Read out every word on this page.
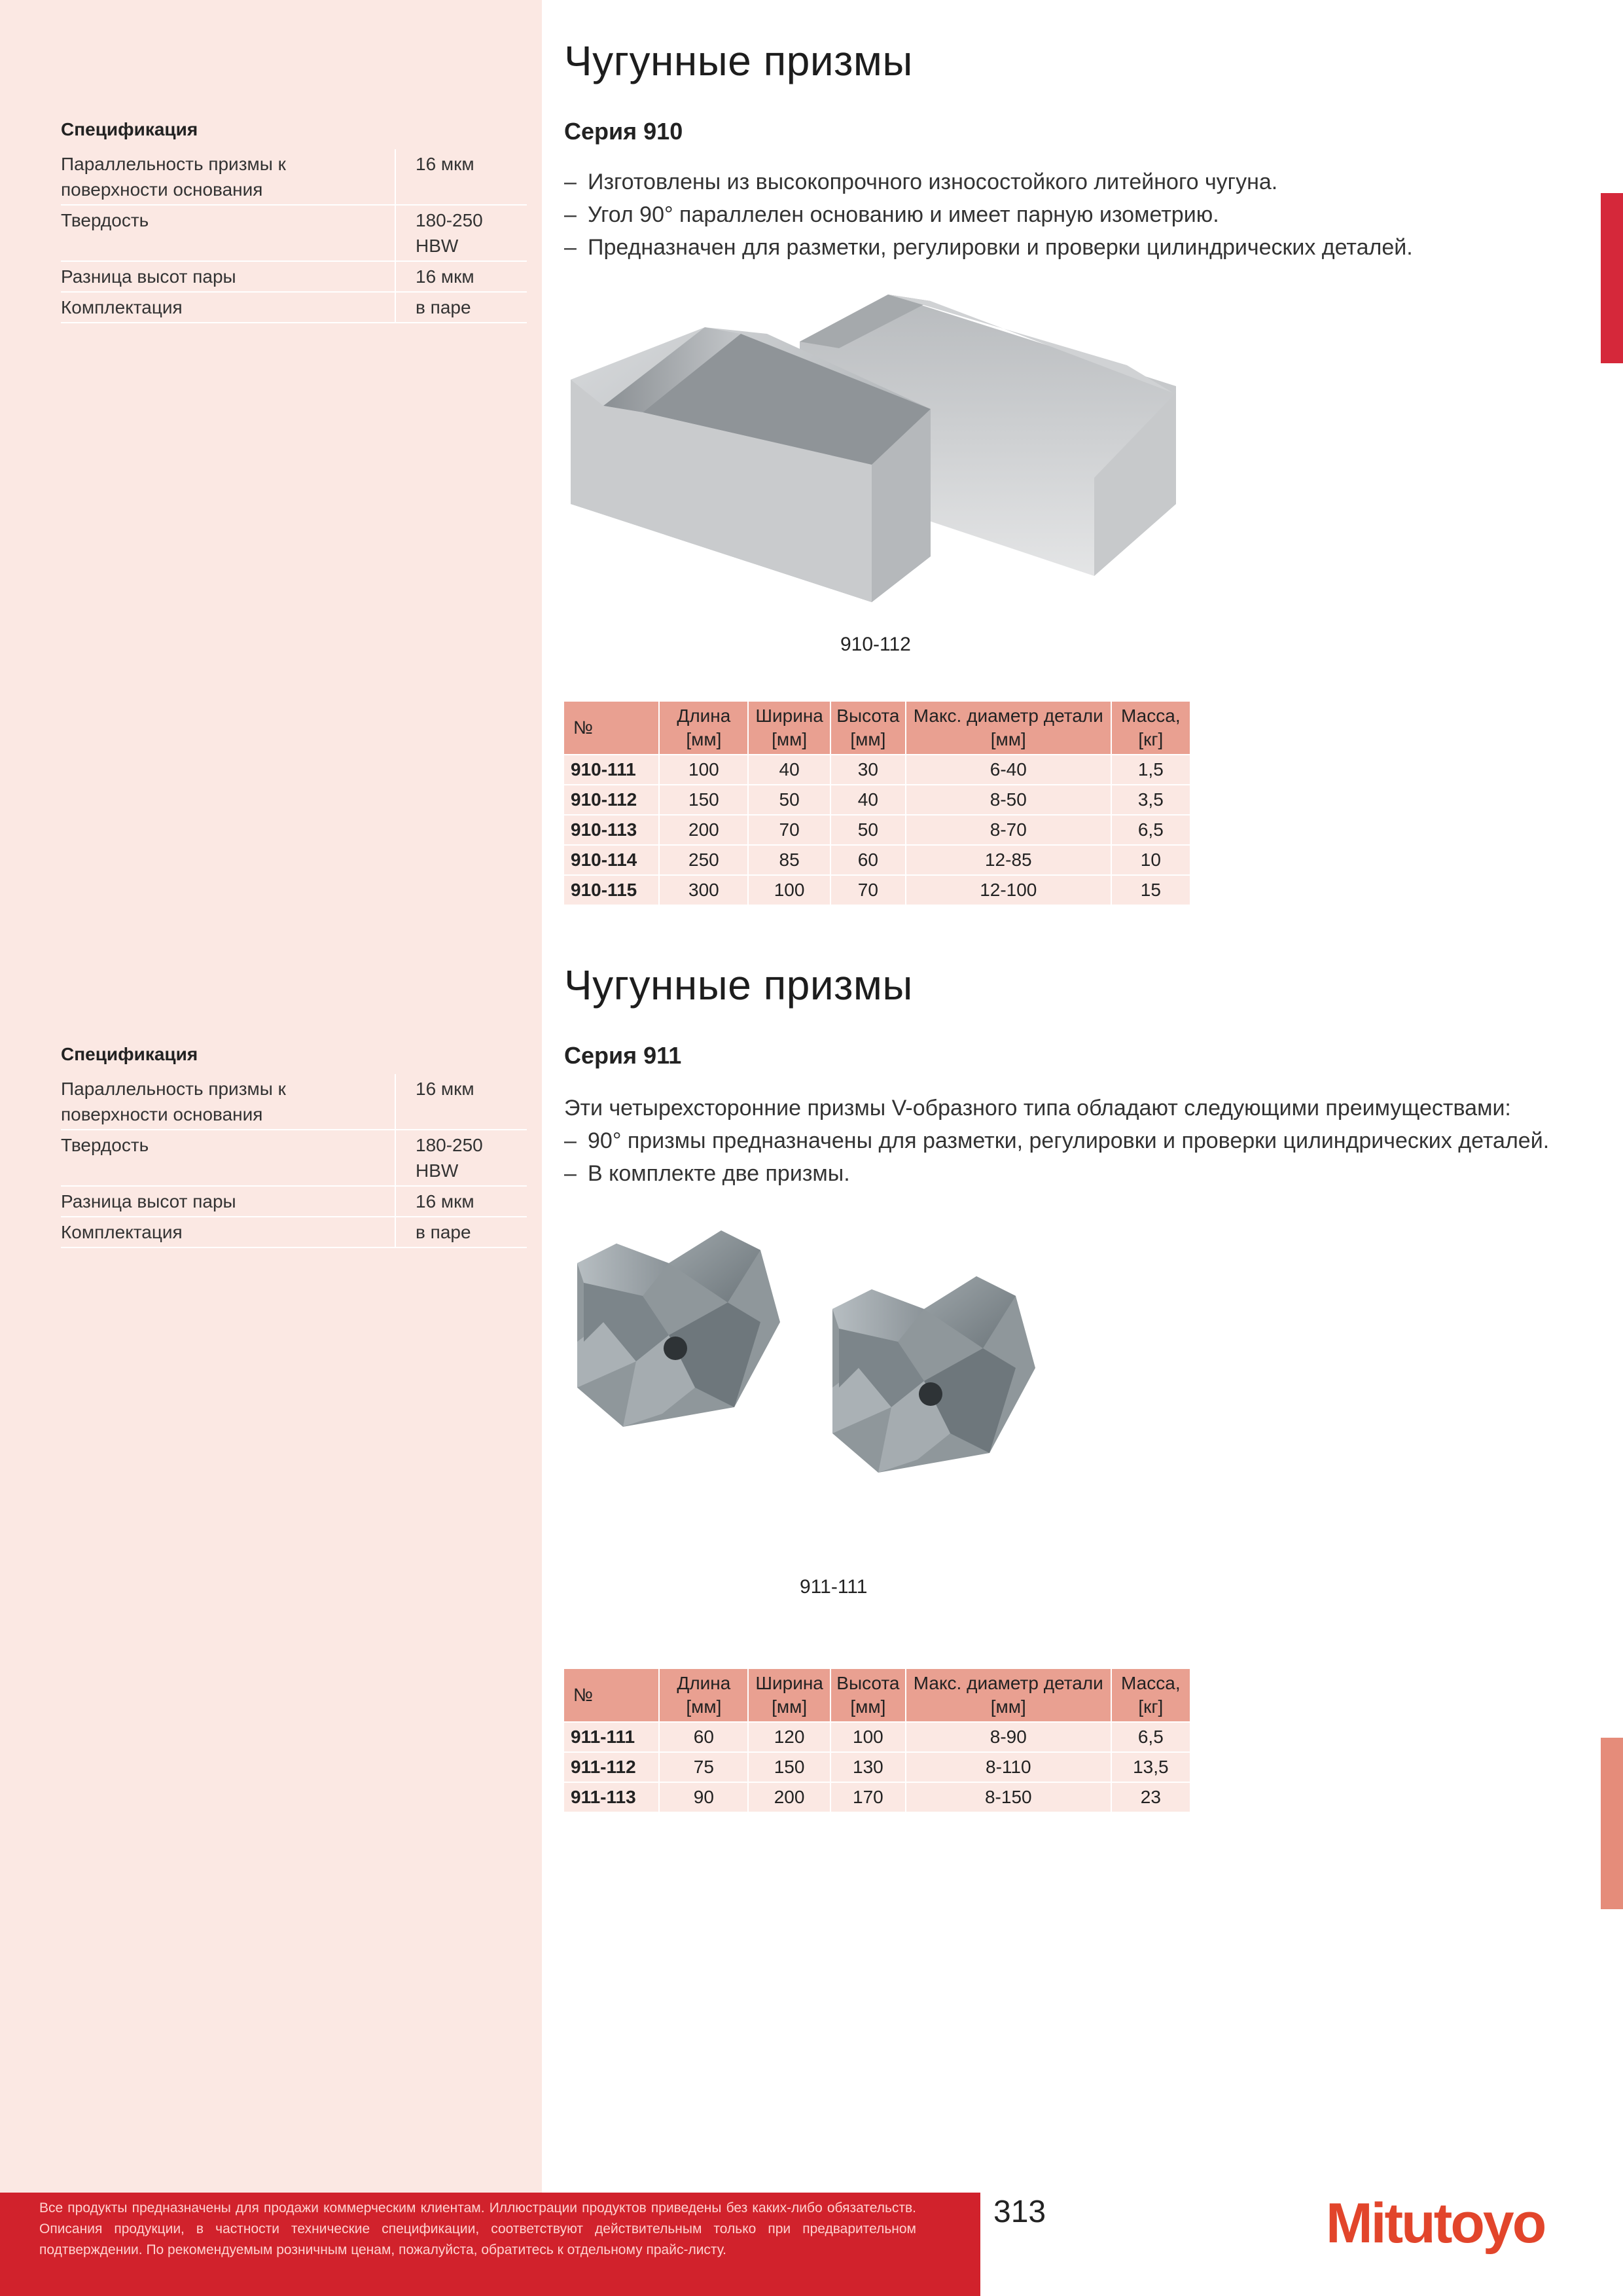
Спецификация
Параллельность призмы к поверхности основания	16 мкм
Твердость	180-250 HBW
Разница высот пары	16 мкм
Комплектация	в паре
Чугунные призмы
Серия 910
– Изготовлены из высокопрочного износостойкого литейного чугуна.
– Угол 90° параллелен основанию и имеет парную изометрию.
– Предназначен для разметки, регулировки и проверки цилиндрических деталей.
910-112
№	Длина [мм]	Ширина [мм]	Высота [мм]	Макс. диаметр детали [мм]	Масса, [кг]
910-111	100	40	30	6-40	1,5
910-112	150	50	40	8-50	3,5
910-113	200	70	50	8-70	6,5
910-114	250	85	60	12-85	10
910-115	300	100	70	12-100	15
Спецификация
Параллельность призмы к поверхности основания	16 мкм
Твердость	180-250 HBW
Разница высот пары	16 мкм
Комплектация	в паре
Чугунные призмы
Серия 911
Эти четырехсторонние призмы V-образного типа обладают следующими преимуществами:
– 90° призмы предназначены для разметки, регулировки и проверки цилиндрических деталей.
– В комплекте две призмы.
911-111
№	Длина [мм]	Ширина [мм]	Высота [мм]	Макс. диаметр детали [мм]	Масса, [кг]
911-111	60	120	100	8-90	6,5
911-112	75	150	130	8-110	13,5
911-113	90	200	170	8-150	23
Все продукты предназначены для продажи коммерческим клиентам. Иллюстрации продуктов приведены без каких-либо обязательств. Описания продукции, в частности технические спецификации, соответствуют действительным только при предварительном подтверждении. По рекомендуемым розничным ценам, пожалуйста, обратитесь к отдельному прайс-листу.
313	Mitutoyo
